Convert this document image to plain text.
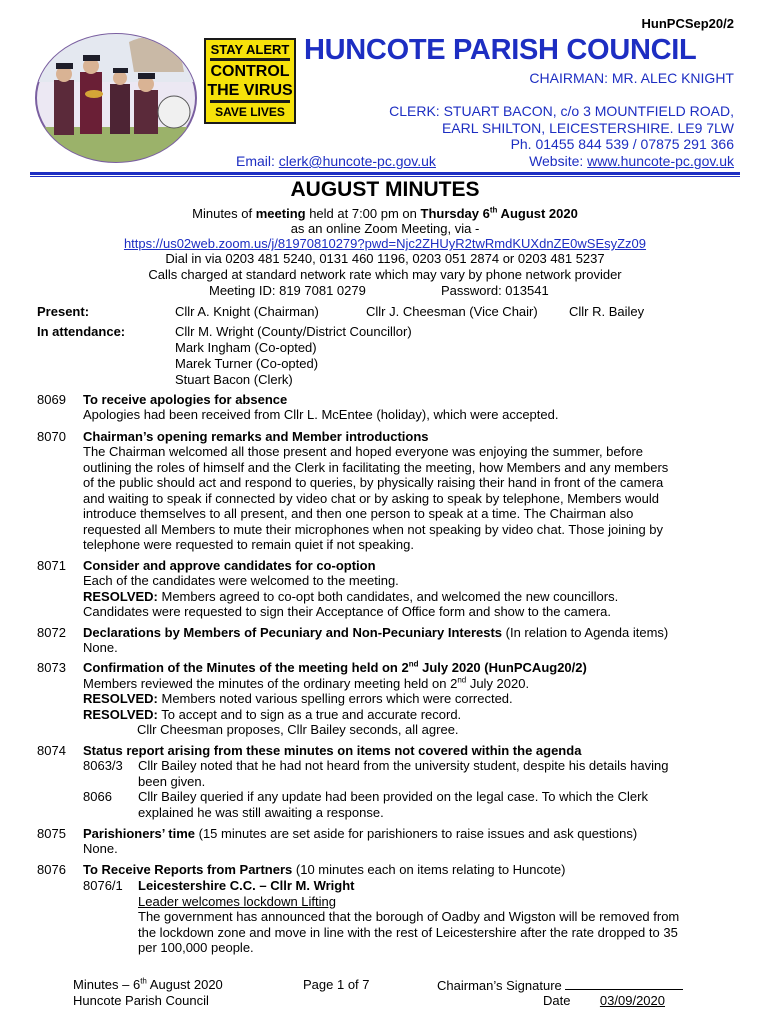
HunPCSep20/2
STAY ALERT
CONTROL
THE VIRUS
SAVE LIVES
HUNCOTE PARISH COUNCIL
CHAIRMAN: MR. ALEC KNIGHT
CLERK: STUART BACON, c/o 3 MOUNTFIELD ROAD,
EARL SHILTON, LEICESTERSHIRE. LE9 7LW
Ph. 01455 844 539 / 07875 291 366
Email: clerk@huncote-pc.gov.uk	Website: www.huncote-pc.gov.uk
AUGUST MINUTES
Minutes of meeting held at 7:00 pm on Thursday 6th August 2020
as an online Zoom Meeting, via -
https://us02web.zoom.us/j/81970810279?pwd=Njc2ZHUyR2twRmdKUXdnZE0wSEsyZz09
Dial in via 0203 481 5240, 0131 460 1196, 0203 051 2874 or 0203 481 5237
Calls charged at standard network rate which may vary by phone network provider
Meeting ID: 819 7081 0279	Password: 013541
Present:	Cllr A. Knight (Chairman)	Cllr J. Cheesman (Vice Chair) Cllr R. Bailey
In attendance:	Cllr M. Wright (County/District Councillor)
Mark Ingham (Co-opted)
Marek Turner (Co-opted)
Stuart Bacon (Clerk)
8069 To receive apologies for absence
Apologies had been received from Cllr L. McEntee (holiday), which were accepted.
8070 Chairman’s opening remarks and Member introductions
The Chairman welcomed all those present and hoped everyone was enjoying the summer, before
outlining the roles of himself and the Clerk in facilitating the meeting, how Members and any members
of the public should act and respond to queries, by physically raising their hand in front of the camera
and waiting to speak if connected by video chat or by asking to speak by telephone, Members would
introduce themselves to all present, and then one person to speak at a time. The Chairman also
requested all Members to mute their microphones when not speaking by video chat. Those joining by
telephone were requested to remain quiet if not speaking.
8071 Consider and approve candidates for co-option
Each of the candidates were welcomed to the meeting.
RESOLVED: Members agreed to co-opt both candidates, and welcomed the new councillors.
Candidates were requested to sign their Acceptance of Office form and show to the camera.
8072 Declarations by Members of Pecuniary and Non-Pecuniary Interests (In relation to Agenda items)
None.
8073 Confirmation of the Minutes of the meeting held on 2nd July 2020 (HunPCAug20/2)
Members reviewed the minutes of the ordinary meeting held on 2nd July 2020.
RESOLVED: Members noted various spelling errors which were corrected.
RESOLVED: To accept and to sign as a true and accurate record.
Cllr Cheesman proposes, Cllr Bailey seconds, all agree.
8074 Status report arising from these minutes on items not covered within the agenda
8063/3 Cllr Bailey noted that he had not heard from the university student, despite his details having
been given.
8066 Cllr Bailey queried if any update had been provided on the legal case. To which the Clerk
explained he was still awaiting a response.
8075 Parishioners’ time (15 minutes are set aside for parishioners to raise issues and ask questions)
None.
8076 To Receive Reports from Partners (10 minutes each on items relating to Huncote)
8076/1 Leicestershire C.C. – Cllr M. Wright
Leader welcomes lockdown Lifting
The government has announced that the borough of Oadby and Wigston will be removed from
the lockdown zone and move in line with the rest of Leicestershire after the rate dropped to 35
per 100,000 people.
Minutes – 6th August 2020
Huncote Parish Council
Page 1 of 7	Chairman’s Signature
Date 03/09/2020
